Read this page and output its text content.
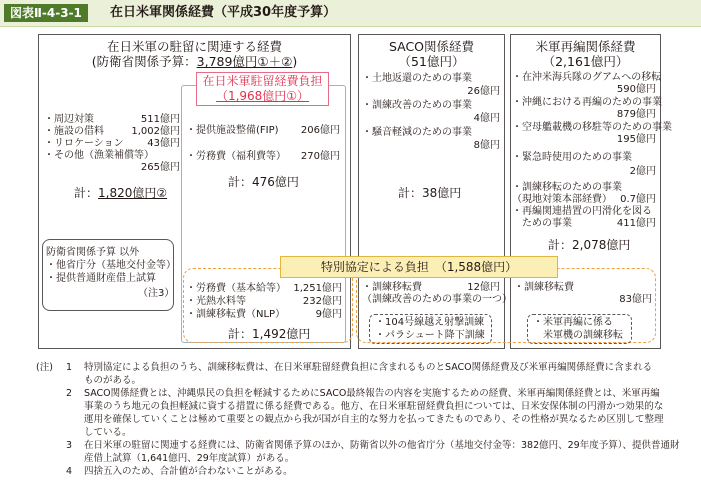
図表Ⅱ-4-3-1	在日米軍関係経費（平成30年度予算）
在日米軍の駐留に関連する経費
(防衛省関係予算：3,789億円①＋②)
・周辺対策	511億円
・施設の借料	1,002億円
・リロケーション	43億円
・その他（漁業補償等）
265億円
計：1,820億円②
防衛省関係予算 以外
・他省庁分（基地交付金等）
・提供普通財産借上試算
（注3）
在日米軍駐留経費負担
（1,968億円①）
・提供施設整備(FIP)	206億円
・労務費（福利費等）	270億円
計：476億円
SACO関係経費
（51億円）
・土地返還のための事業
26億円
・訓練改善のための事業
4億円
・騒音軽減のための事業
8億円
計：38億円
米軍再編関係経費
（2,161億円）
・在沖米海兵隊のグアムへの移転
590億円
・沖縄における再編のための事業
879億円
・空母艦載機の移駐等のための事業
195億円
・緊急時使用のための事業
2億円
・訓練移転のための事業
（現地対策本部経費） 0.7億円
・再編関連措置の円滑化を図る
　ための事業	411億円
計：2,078億円
特別協定による負担　（1,588億円）
・労務費（基本給等） 1,251億円
・光熱水料等	232億円
・訓練移転費（NLP）	9億円
計：1,492億円
・訓練移転費	12億円
（訓練改善のための事業の一つ）
・104号線越え射撃訓練
・パラシュート降下訓練
・訓練移転費
83億円
・米軍再編に係る
　米軍機の訓練移転
(注) 1 特別協定による負担のうち、訓練移転費は、在日米軍駐留経費負担に含まれるものとSACO関係経費及び米軍再編関係経費に含まれる
ものがある。
2 SACO関係経費とは、沖縄県民の負担を軽減するためにSACO最終報告の内容を実施するための経費、米軍再編関係経費とは、米軍再編
事業のうち地元の負担軽減に資する措置に係る経費である。他方、在日米軍駐留経費負担については、日米安保体制の円滑かつ効果的な
運用を確保していくことは極めて重要との観点から我が国が自主的な努力を払ってきたものであり、その性格が異なるため区別して整理
している。
3 在日米軍の駐留に関連する経費には、防衛省関係予算のほか、防衛省以外の他省庁分（基地交付金等：382億円、29年度予算）、提供普通財
産借上試算（1,641億円、29年度試算）がある。
4 四捨五入のため、合計値が合わないことがある。
